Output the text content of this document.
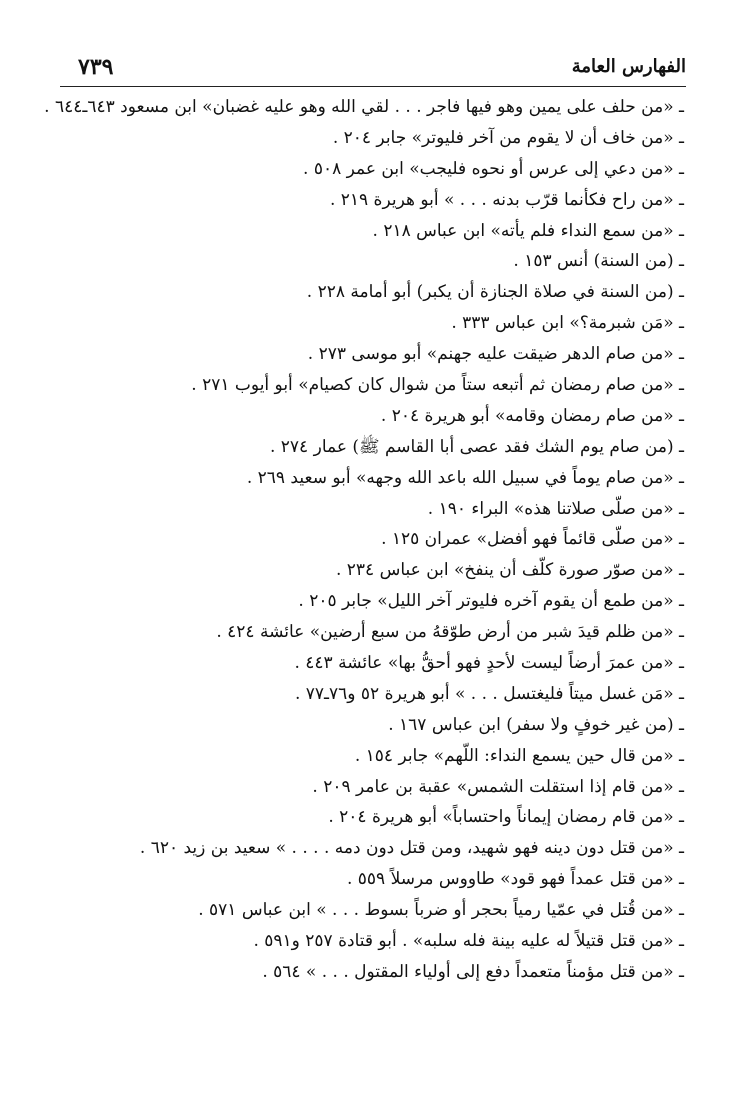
٧٣٩	الفهارس العامة
ـ «من حلف على يمين وهو فيها فاجر . . . لقي الله وهو عليه غضبان» ابن مسعود ٦٤٣ـ٦٤٤ .
ـ «من خاف أن لا يقوم من آخر فليوتر» جابر ٢٠٤ .
ـ «من دعي إلى عرس أو نحوه فليجب» ابن عمر ٥٠٨ .
ـ «من راح فكأنما قرّب بدنه . . . » أبو هريرة ٢١٩ .
ـ «من سمع النداء فلم يأته» ابن عباس ٢١٨ .
ـ (من السنة) أنس ١٥٣ .
ـ (من السنة في صلاة الجنازة أن يكبر) أبو أمامة ٢٢٨ .
ـ «مَن شبرمة؟» ابن عباس ٣٣٣ .
ـ «من صام الدهر ضيقت عليه جهنم» أبو موسى ٢٧٣ .
ـ «من صام رمضان ثم أتبعه ستاً من شوال كان كصيام» أبو أيوب ٢٧١ .
ـ «من صام رمضان وقامه» أبو هريرة ٢٠٤ .
ـ (من صام يوم الشك فقد عصى أبا القاسم ﷺ) عمار ٢٧٤ .
ـ «من صام يوماً في سبيل الله باعد الله وجهه» أبو سعيد ٢٦٩ .
ـ «من صلّى صلاتنا هذه» البراء ١٩٠ .
ـ «من صلّى قائماً فهو أفضل» عمران ١٢٥ .
ـ «من صوّر صورة كلّف أن ينفخ» ابن عباس ٢٣٤ .
ـ «من طمع أن يقوم آخره فليوتر آخر الليل» جابر ٢٠٥ .
ـ «من ظلم قيدَ شبر من أرض طوّقهُ من سبع أرضين» عائشة ٤٢٤ .
ـ «من عمرَ أرضاً ليست لأحدٍ فهو أحقُّ بها» عائشة ٤٤٣ .
ـ «مَن غسل ميتاً فليغتسل . . . » أبو هريرة ٥٢ و٧٦ـ٧٧ .
ـ (من غير خوفٍ ولا سفر) ابن عباس ١٦٧ .
ـ «من قال حين يسمع النداء: اللّهم» جابر ١٥٤ .
ـ «من قام إذا استقلت الشمس» عقبة بن عامر ٢٠٩ .
ـ «من قام رمضان إيماناً واحتساباً» أبو هريرة ٢٠٤ .
ـ «من قتل دون دينه فهو شهيد، ومن قتل دون دمه . . . . » سعيد بن زيد ٦٢٠ .
ـ «من قتل عمداً فهو قود» طاووس مرسلاً ٥٥٩ .
ـ «من قُتل في عمّيا رمياً بحجر أو ضرباً بسوط . . . » ابن عباس ٥٧١ .
ـ «من قتل قتيلاً له عليه بينة فله سلبه» . أبو قتادة ٢٥٧ و٥٩١ .
ـ «من قتل مؤمناً متعمداً دفع إلى أولياء المقتول . . . » ٥٦٤ .
